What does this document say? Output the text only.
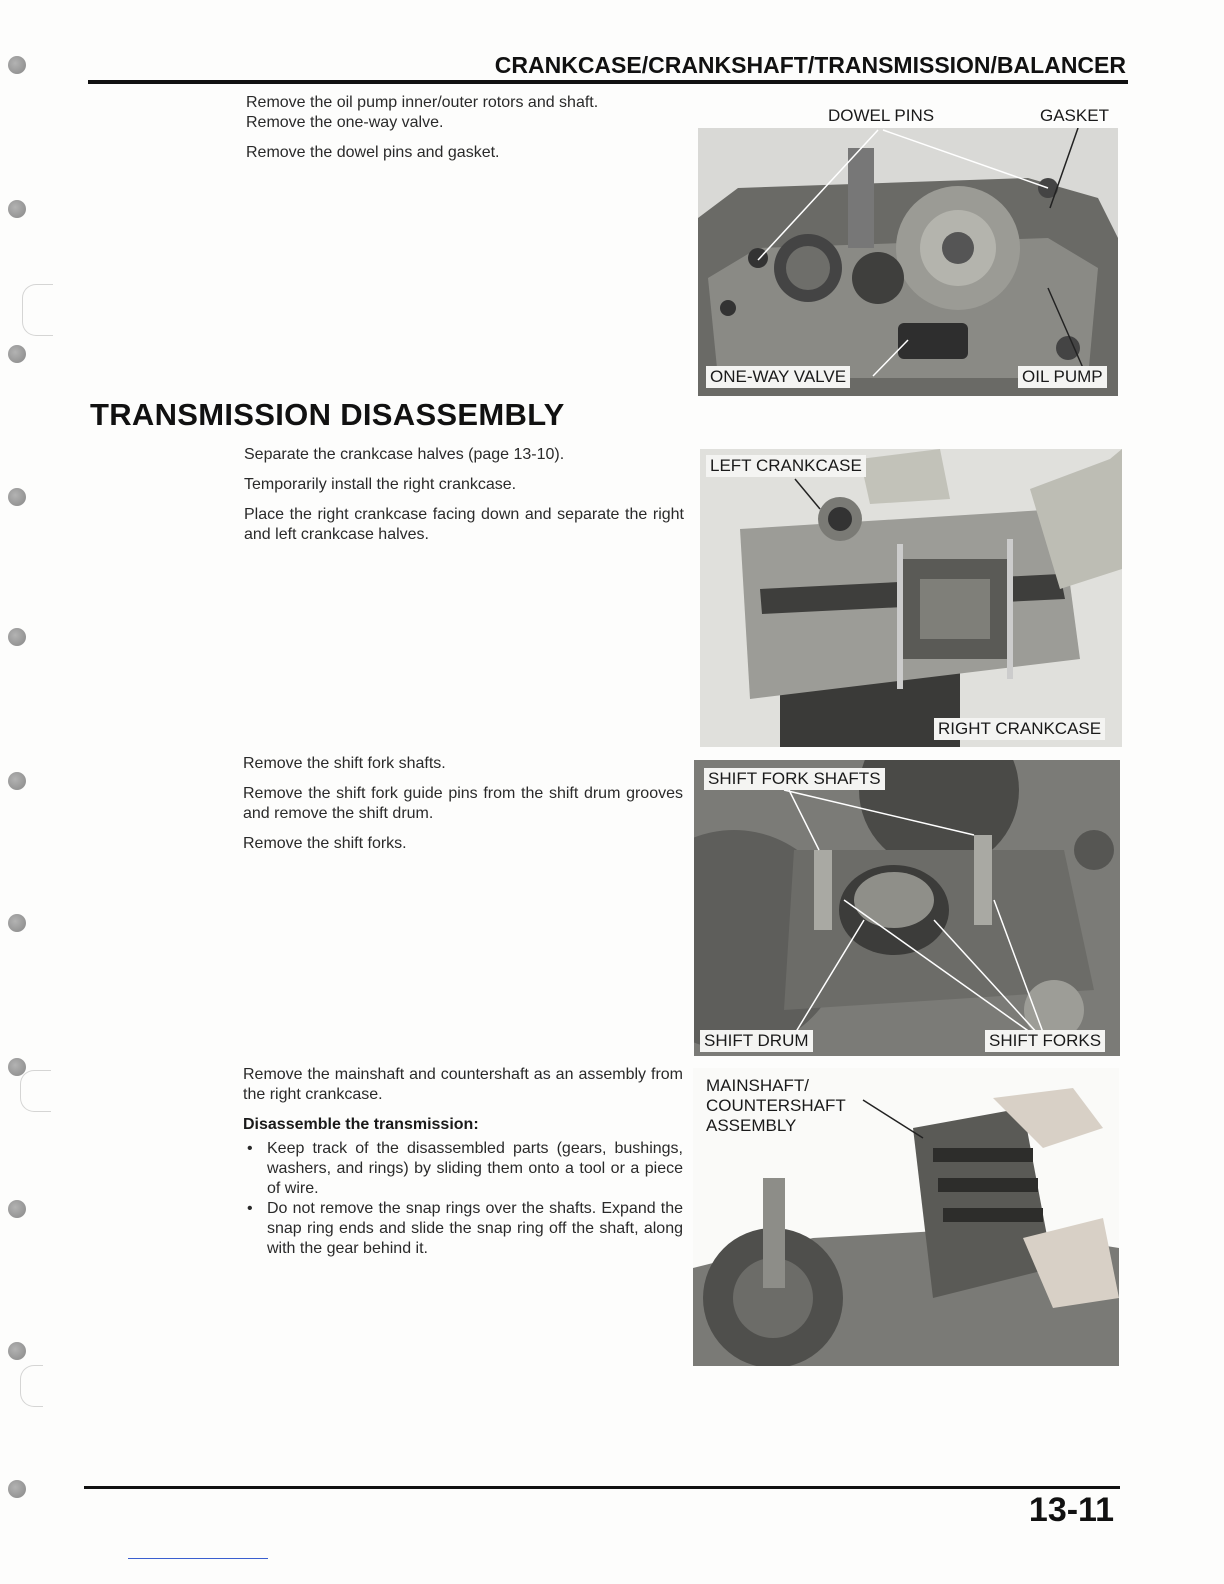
CRANKCASE/CRANKSHAFT/TRANSMISSION/BALANCER

Remove the oil pump inner/outer rotors and shaft.

Remove the one-way valve.

Remove the dowel pins and gasket.

DOWEL PINS	GASKET
ONE-WAY VALVE	OIL PUMP
TRANSMISSION DISASSEMBLY

Separate the crankcase halves (page 13-10).

Temporarily install the right crankcase.

Place the right crankcase facing down and separate the right and left crankcase halves.

LEFT CRANKCASE
RIGHT CRANKCASE

Remove the shift fork shafts.

Remove the shift fork guide pins from the shift drum grooves and remove the shift drum.

Remove the shift forks.

SHIFT FORK SHAFTS
SHIFT DRUM	SHIFT FORKS

Remove the mainshaft and countershaft as an assembly from the right crankcase.

Disassemble the transmission:

• Keep track of the disassembled parts (gears, bushings, washers, and rings) by sliding them onto a tool or a piece of wire.
• Do not remove the snap rings over the shafts. Expand the snap ring ends and slide the snap ring off the shaft, along with the gear behind it.
MAINSHAFT/ COUNTERSHAFT ASSEMBLY
13-11
